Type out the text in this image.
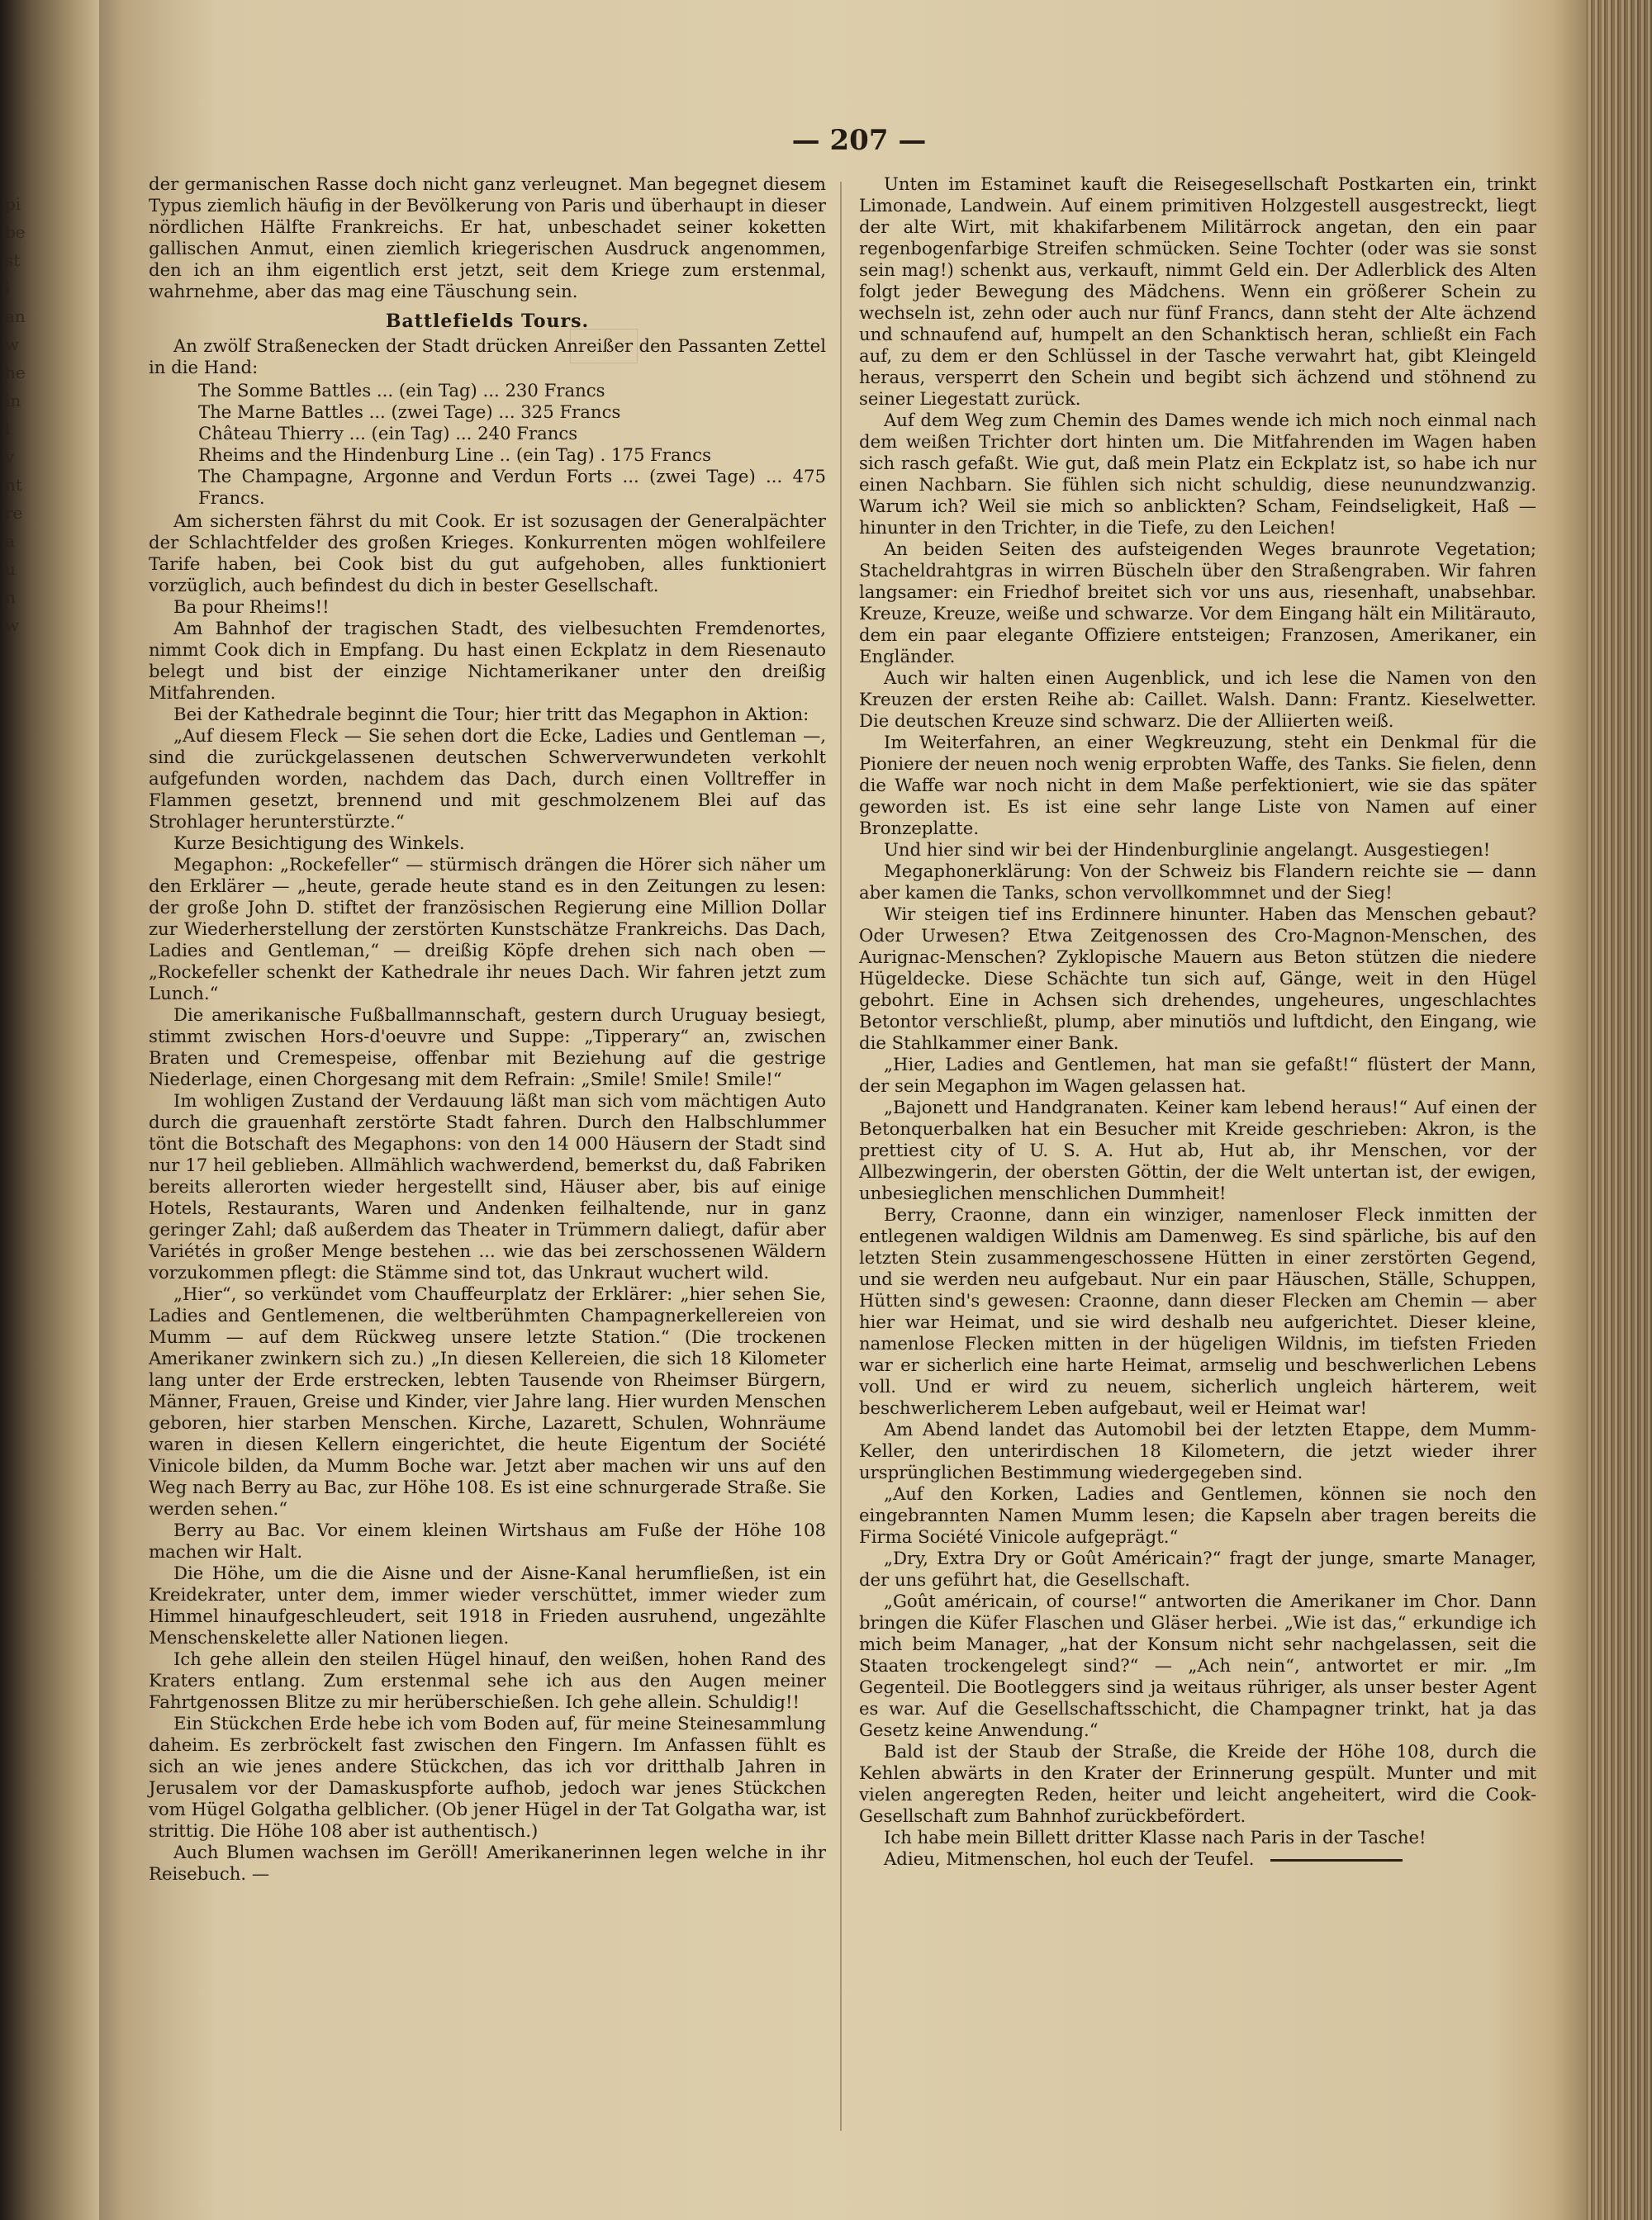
pi
be
st
i
an
w
he
in
l
v
nt
re
a
u
n
w
— 207 —

der germanischen Rasse doch nicht ganz verleugnet. Man begegnet diesem Typus ziemlich häufig in der Bevölkerung von Paris und überhaupt in dieser nördlichen Hälfte Frankreichs. Er hat, unbeschadet seiner koketten gallischen Anmut, einen ziemlich kriegerischen Ausdruck angenommen, den ich an ihm eigentlich erst jetzt, seit dem Kriege zum erstenmal, wahrnehme, aber das mag eine Täuschung sein.

Battlefields Tours.

An zwölf Straßenecken der Stadt drücken Anreißer den Passanten Zettel in die Hand:

The Somme Battles ... (ein Tag) ... 230 Francs
The Marne Battles ... (zwei Tage) ... 325 Francs
Château Thierry ... (ein Tag) ... 240 Francs
Rheims and the Hindenburg Line .. (ein Tag) . 175 Francs
The Champagne, Argonne and Verdun Forts ... (zwei Tage) ... 475 Francs.

Am sichersten fährst du mit Cook. Er ist sozusagen der Generalpächter der Schlachtfelder des großen Krieges. Konkurrenten mögen wohlfeilere Tarife haben, bei Cook bist du gut aufgehoben, alles funktioniert vorzüglich, auch befindest du dich in bester Gesellschaft.

Ba pour Rheims!!

Am Bahnhof der tragischen Stadt, des vielbesuchten Fremdenortes, nimmt Cook dich in Empfang. Du hast einen Eckplatz in dem Riesenauto belegt und bist der einzige Nichtamerikaner unter den dreißig Mitfahrenden.

Bei der Kathedrale beginnt die Tour; hier tritt das Megaphon in Aktion:

„Auf diesem Fleck — Sie sehen dort die Ecke, Ladies und Gentleman —, sind die zurückgelassenen deutschen Schwerverwundeten verkohlt aufgefunden worden, nachdem das Dach, durch einen Volltreffer in Flammen gesetzt, brennend und mit geschmolzenem Blei auf das Strohlager herunterstürzte.“

Kurze Besichtigung des Winkels.

Megaphon: „Rockefeller“ — stürmisch drängen die Hörer sich näher um den Erklärer — „heute, gerade heute stand es in den Zeitungen zu lesen: der große John D. stiftet der französischen Regierung eine Million Dollar zur Wiederherstellung der zerstörten Kunstschätze Frankreichs. Das Dach, Ladies and Gentleman,“ — dreißig Köpfe drehen sich nach oben — „Rockefeller schenkt der Kathedrale ihr neues Dach. Wir fahren jetzt zum Lunch.“

Die amerikanische Fußballmannschaft, gestern durch Uruguay besiegt, stimmt zwischen Hors-d'oeuvre und Suppe: „Tipperary“ an, zwischen Braten und Cremespeise, offenbar mit Beziehung auf die gestrige Niederlage, einen Chorgesang mit dem Refrain: „Smile! Smile! Smile!“

Im wohligen Zustand der Verdauung läßt man sich vom mächtigen Auto durch die grauenhaft zerstörte Stadt fahren. Durch den Halbschlummer tönt die Botschaft des Megaphons: von den 14 000 Häusern der Stadt sind nur 17 heil geblieben. Allmählich wachwerdend, bemerkst du, daß Fabriken bereits allerorten wieder hergestellt sind, Häuser aber, bis auf einige Hotels, Restaurants, Waren und Andenken feilhaltende, nur in ganz geringer Zahl; daß außerdem das Theater in Trümmern daliegt, dafür aber Variétés in großer Menge bestehen ... wie das bei zerschossenen Wäldern vorzukommen pflegt: die Stämme sind tot, das Unkraut wuchert wild.

„Hier“, so verkündet vom Chauffeurplatz der Erklärer: „hier sehen Sie, Ladies and Gentlemenen, die weltberühmten Champagnerkellereien von Mumm — auf dem Rückweg unsere letzte Station.“ (Die trockenen Amerikaner zwinkern sich zu.) „In diesen Kellereien, die sich 18 Kilometer lang unter der Erde erstrecken, lebten Tausende von Rheimser Bürgern, Männer, Frauen, Greise und Kinder, vier Jahre lang. Hier wurden Menschen geboren, hier starben Menschen. Kirche, Lazarett, Schulen, Wohnräume waren in diesen Kellern eingerichtet, die heute Eigentum der Société Vinicole bilden, da Mumm Boche war. Jetzt aber machen wir uns auf den Weg nach Berry au Bac, zur Höhe 108. Es ist eine schnurgerade Straße. Sie werden sehen.“

Berry au Bac. Vor einem kleinen Wirtshaus am Fuße der Höhe 108 machen wir Halt.

Die Höhe, um die die Aisne und der Aisne-Kanal herumfließen, ist ein Kreidekrater, unter dem, immer wieder verschüttet, immer wieder zum Himmel hinaufgeschleudert, seit 1918 in Frieden ausruhend, ungezählte Menschenskelette aller Nationen liegen.

Ich gehe allein den steilen Hügel hinauf, den weißen, hohen Rand des Kraters entlang. Zum erstenmal sehe ich aus den Augen meiner Fahrtgenossen Blitze zu mir herüberschießen. Ich gehe allein. Schuldig!!

Ein Stückchen Erde hebe ich vom Boden auf, für meine Steinesammlung daheim. Es zerbröckelt fast zwischen den Fingern. Im Anfassen fühlt es sich an wie jenes andere Stückchen, das ich vor dritthalb Jahren in Jerusalem vor der Damaskuspforte aufhob, jedoch war jenes Stückchen vom Hügel Golgatha gelblicher. (Ob jener Hügel in der Tat Golgatha war, ist strittig. Die Höhe 108 aber ist authentisch.)

Auch Blumen wachsen im Geröll! Amerikanerinnen legen welche in ihr Reisebuch. —

Unten im Estaminet kauft die Reisegesellschaft Postkarten ein, trinkt Limonade, Landwein. Auf einem primitiven Holzgestell ausgestreckt, liegt der alte Wirt, mit khakifarbenem Militärrock angetan, den ein paar regenbogenfarbige Streifen schmücken. Seine Tochter (oder was sie sonst sein mag!) schenkt aus, verkauft, nimmt Geld ein. Der Adlerblick des Alten folgt jeder Bewegung des Mädchens. Wenn ein größerer Schein zu wechseln ist, zehn oder auch nur fünf Francs, dann steht der Alte ächzend und schnaufend auf, humpelt an den Schanktisch heran, schließt ein Fach auf, zu dem er den Schlüssel in der Tasche verwahrt hat, gibt Kleingeld heraus, versperrt den Schein und begibt sich ächzend und stöhnend zu seiner Liegestatt zurück.

Auf dem Weg zum Chemin des Dames wende ich mich noch einmal nach dem weißen Trichter dort hinten um. Die Mitfahrenden im Wagen haben sich rasch gefaßt. Wie gut, daß mein Platz ein Eckplatz ist, so habe ich nur einen Nachbarn. Sie fühlen sich nicht schuldig, diese neunundzwanzig. Warum ich? Weil sie mich so anblickten? Scham, Feindseligkeit, Haß — hinunter in den Trichter, in die Tiefe, zu den Leichen!

An beiden Seiten des aufsteigenden Weges braunrote Vegetation; Stacheldrahtgras in wirren Büscheln über den Straßengraben. Wir fahren langsamer: ein Friedhof breitet sich vor uns aus, riesenhaft, unabsehbar. Kreuze, Kreuze, weiße und schwarze. Vor dem Eingang hält ein Militärauto, dem ein paar elegante Offiziere entsteigen; Franzosen, Amerikaner, ein Engländer.

Auch wir halten einen Augenblick, und ich lese die Namen von den Kreuzen der ersten Reihe ab: Caillet. Walsh. Dann: Frantz. Kieselwetter. Die deutschen Kreuze sind schwarz. Die der Alliierten weiß.

Im Weiterfahren, an einer Wegkreuzung, steht ein Denkmal für die Pioniere der neuen noch wenig erprobten Waffe, des Tanks. Sie fielen, denn die Waffe war noch nicht in dem Maße perfektioniert, wie sie das später geworden ist. Es ist eine sehr lange Liste von Namen auf einer Bronzeplatte.

Und hier sind wir bei der Hindenburglinie angelangt. Ausgestiegen!

Megaphonerklärung: Von der Schweiz bis Flandern reichte sie — dann aber kamen die Tanks, schon vervollkommnet und der Sieg!

Wir steigen tief ins Erdinnere hinunter. Haben das Menschen gebaut? Oder Urwesen? Etwa Zeitgenossen des Cro-Magnon-Menschen, des Aurignac-Menschen? Zyklopische Mauern aus Beton stützen die niedere Hügeldecke. Diese Schächte tun sich auf, Gänge, weit in den Hügel gebohrt. Eine in Achsen sich drehendes, ungeheures, ungeschlachtes Betontor verschließt, plump, aber minutiös und luftdicht, den Eingang, wie die Stahlkammer einer Bank.

„Hier, Ladies and Gentlemen, hat man sie gefaßt!“ flüstert der Mann, der sein Megaphon im Wagen gelassen hat.

„Bajonett und Handgranaten. Keiner kam lebend heraus!“ Auf einen der Betonquerbalken hat ein Besucher mit Kreide geschrieben: Akron, is the prettiest city of U. S. A. Hut ab, Hut ab, ihr Menschen, vor der Allbezwingerin, der obersten Göttin, der die Welt untertan ist, der ewigen, unbesieglichen menschlichen Dummheit!

Berry, Craonne, dann ein winziger, namenloser Fleck inmitten der entlegenen waldigen Wildnis am Damenweg. Es sind spärliche, bis auf den letzten Stein zusammengeschossene Hütten in einer zerstörten Gegend, und sie werden neu aufgebaut. Nur ein paar Häuschen, Ställe, Schuppen, Hütten sind's gewesen: Craonne, dann dieser Flecken am Chemin — aber hier war Heimat, und sie wird deshalb neu aufgerichtet. Dieser kleine, namenlose Flecken mitten in der hügeligen Wildnis, im tiefsten Frieden war er sicherlich eine harte Heimat, armselig und beschwerlichen Lebens voll. Und er wird zu neuem, sicherlich ungleich härterem, weit beschwerlicherem Leben aufgebaut, weil er Heimat war!

Am Abend landet das Automobil bei der letzten Etappe, dem Mumm-Keller, den unterirdischen 18 Kilometern, die jetzt wieder ihrer ursprünglichen Bestimmung wiedergegeben sind.

„Auf den Korken, Ladies and Gentlemen, können sie noch den eingebrannten Namen Mumm lesen; die Kapseln aber tragen bereits die Firma Société Vinicole aufgeprägt.“

„Dry, Extra Dry or Goût Américain?“ fragt der junge, smarte Manager, der uns geführt hat, die Gesellschaft.

„Goût américain, of course!“ antworten die Amerikaner im Chor. Dann bringen die Küfer Flaschen und Gläser herbei. „Wie ist das,“ erkundige ich mich beim Manager, „hat der Konsum nicht sehr nachgelassen, seit die Staaten trockengelegt sind?“ — „Ach nein“, antwortet er mir. „Im Gegenteil. Die Bootleggers sind ja weitaus rühriger, als unser bester Agent es war. Auf die Gesellschaftsschicht, die Champagner trinkt, hat ja das Gesetz keine Anwendung.“

Bald ist der Staub der Straße, die Kreide der Höhe 108, durch die Kehlen abwärts in den Krater der Erinnerung gespült. Munter und mit vielen angeregten Reden, heiter und leicht angeheitert, wird die Cook-Gesellschaft zum Bahnhof zurückbefördert.

Ich habe mein Billett dritter Klasse nach Paris in der Tasche!

Adieu, Mitmenschen, hol euch der Teufel.
